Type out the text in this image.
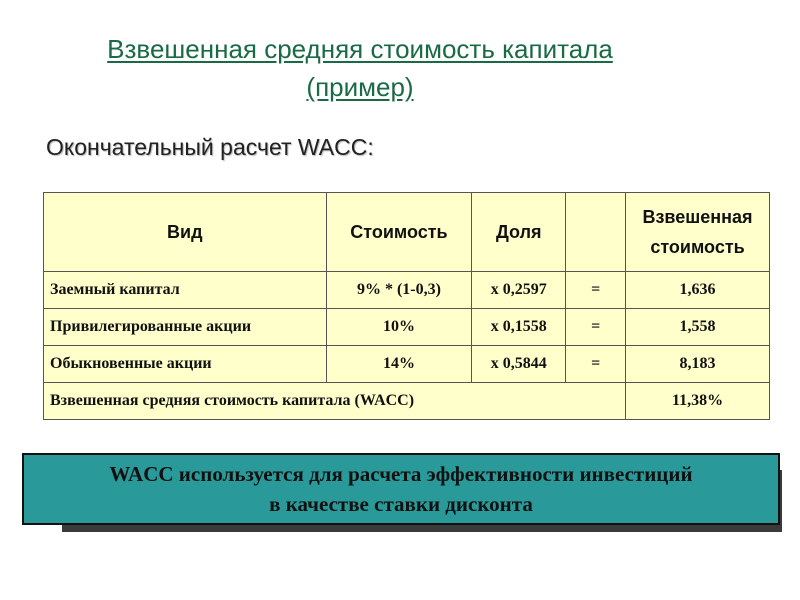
Взвешенная средняя стоимость капитала
(пример)
Окончательный расчет WACC:
Вид	Стоимость	Доля		Взвешенная
стоимость
Заемный капитал	9% * (1-0,3)	х 0,2597	=	1,636
Привилегированные акции	10%	х 0,1558	=	1,558
Обыкновенные акции	14%	х 0,5844	=	8,183
Взвешенная средняя стоимость капитала (WACC)				11,38%
WACC используется для расчета эффективности инвестиций
в качестве ставки дисконта
